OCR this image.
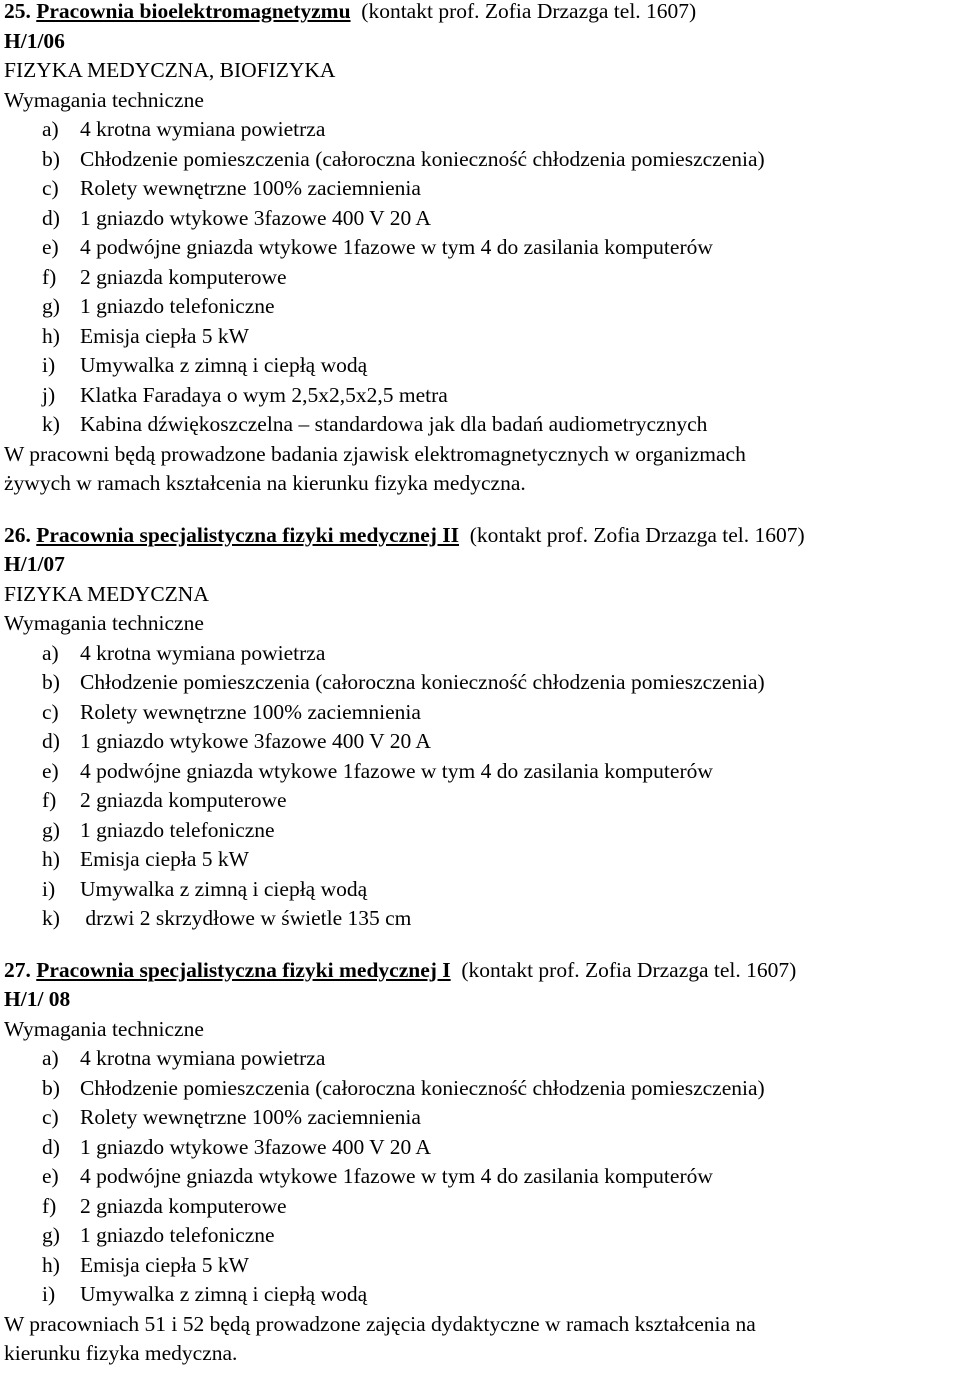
25. Pracownia bioelektromagnetyzmu (kontakt prof. Zofia Drzazga tel. 1607)
H/1/06
FIZYKA MEDYCZNA, BIOFIZYKA
Wymagania techniczne
a) 4 krotna wymiana powietrza
b) Chłodzenie pomieszczenia (całoroczna konieczność chłodzenia pomieszczenia)
c) Rolety wewnętrzne 100% zaciemnienia
d) 1 gniazdo wtykowe 3fazowe 400 V 20 A
e) 4 podwójne gniazda wtykowe 1fazowe w tym 4 do zasilania komputerów
f)	2 gniazda komputerowe
g) 1 gniazdo telefoniczne
h) Emisja ciepła 5 kW
i)	Umywalka z zimną i ciepłą wodą
j)	Klatka Faradaya o wym 2,5x2,5x2,5 metra
k) Kabina dźwiękoszczelna – standardowa jak dla badań audiometrycznych
W pracowni będą prowadzone badania zjawisk elektromagnetycznych w organizmach
żywych w ramach kształcenia na kierunku fizyka medyczna.
26. Pracownia specjalistyczna fizyki medycznej II (kontakt prof. Zofia Drzazga tel. 1607)
H/1/07
FIZYKA MEDYCZNA
Wymagania techniczne
a) 4 krotna wymiana powietrza
b) Chłodzenie pomieszczenia (całoroczna konieczność chłodzenia pomieszczenia)
c) Rolety wewnętrzne 100% zaciemnienia
d) 1 gniazdo wtykowe 3fazowe 400 V 20 A
e) 4 podwójne gniazda wtykowe 1fazowe w tym 4 do zasilania komputerów
f)	2 gniazda komputerowe
g) 1 gniazdo telefoniczne
h) Emisja ciepła 5 kW
i)	Umywalka z zimną i ciepłą wodą
k) drzwi 2 skrzydłowe w świetle 135 cm
27. Pracownia specjalistyczna fizyki medycznej I (kontakt prof. Zofia Drzazga tel. 1607)
H/1/ 08
Wymagania techniczne
a) 4 krotna wymiana powietrza
b) Chłodzenie pomieszczenia (całoroczna konieczność chłodzenia pomieszczenia)
c) Rolety wewnętrzne 100% zaciemnienia
d) 1 gniazdo wtykowe 3fazowe 400 V 20 A
e) 4 podwójne gniazda wtykowe 1fazowe w tym 4 do zasilania komputerów
f)	2 gniazda komputerowe
g) 1 gniazdo telefoniczne
h) Emisja ciepła 5 kW
i)	Umywalka z zimną i ciepłą wodą
W pracowniach 51 i 52 będą prowadzone zajęcia dydaktyczne w ramach kształcenia na
kierunku fizyka medyczna.
